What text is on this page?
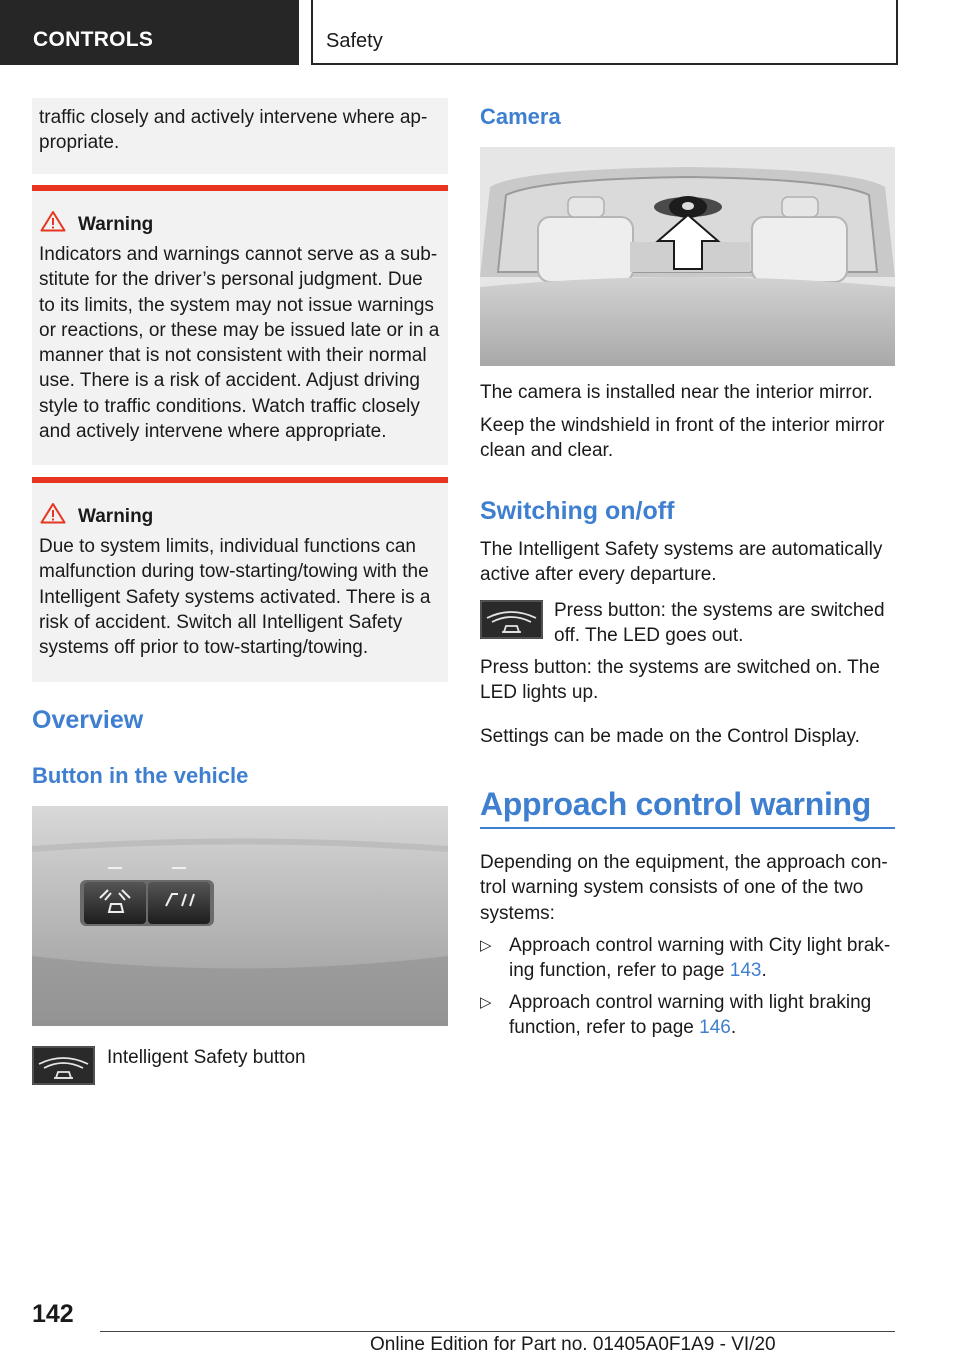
CONTROLS	Safety

traffic closely and actively intervene where ap‑
propriate.

Warning

Indicators and warnings cannot serve as a sub‑
stitute for the driver’s personal judgment. Due
to its limits, the system may not issue warnings
or reactions, or these may be issued late or in a
manner that is not consistent with their normal
use. There is a risk of accident. Adjust driving
style to traffic conditions. Watch traffic closely
and actively intervene where appropriate.

Warning

Due to system limits, individual functions can
malfunction during tow‑starting/towing with the
Intelligent Safety systems activated. There is a
risk of accident. Switch all Intelligent Safety
systems off prior to tow‑starting/towing.

Overview
Button in the vehicle
Intelligent Safety button
Camera

The camera is installed near the interior mirror.

Keep the windshield in front of the interior mirror
clean and clear.

Switching on/off

The Intelligent Safety systems are automatically
active after every departure.

Press button: the systems are switched
off. The LED goes out.

Press button: the systems are switched on. The
LED lights up.

Settings can be made on the Control Display.

Approach control warning

Depending on the equipment, the approach con‑
trol warning system consists of one of the two
systems:

▷ Approach control warning with City light brak‑
ing function, refer to page 143.
▷ Approach control warning with light braking
function, refer to page 146.
142
Online Edition for Part no. 01405A0F1A9 - VI/20
